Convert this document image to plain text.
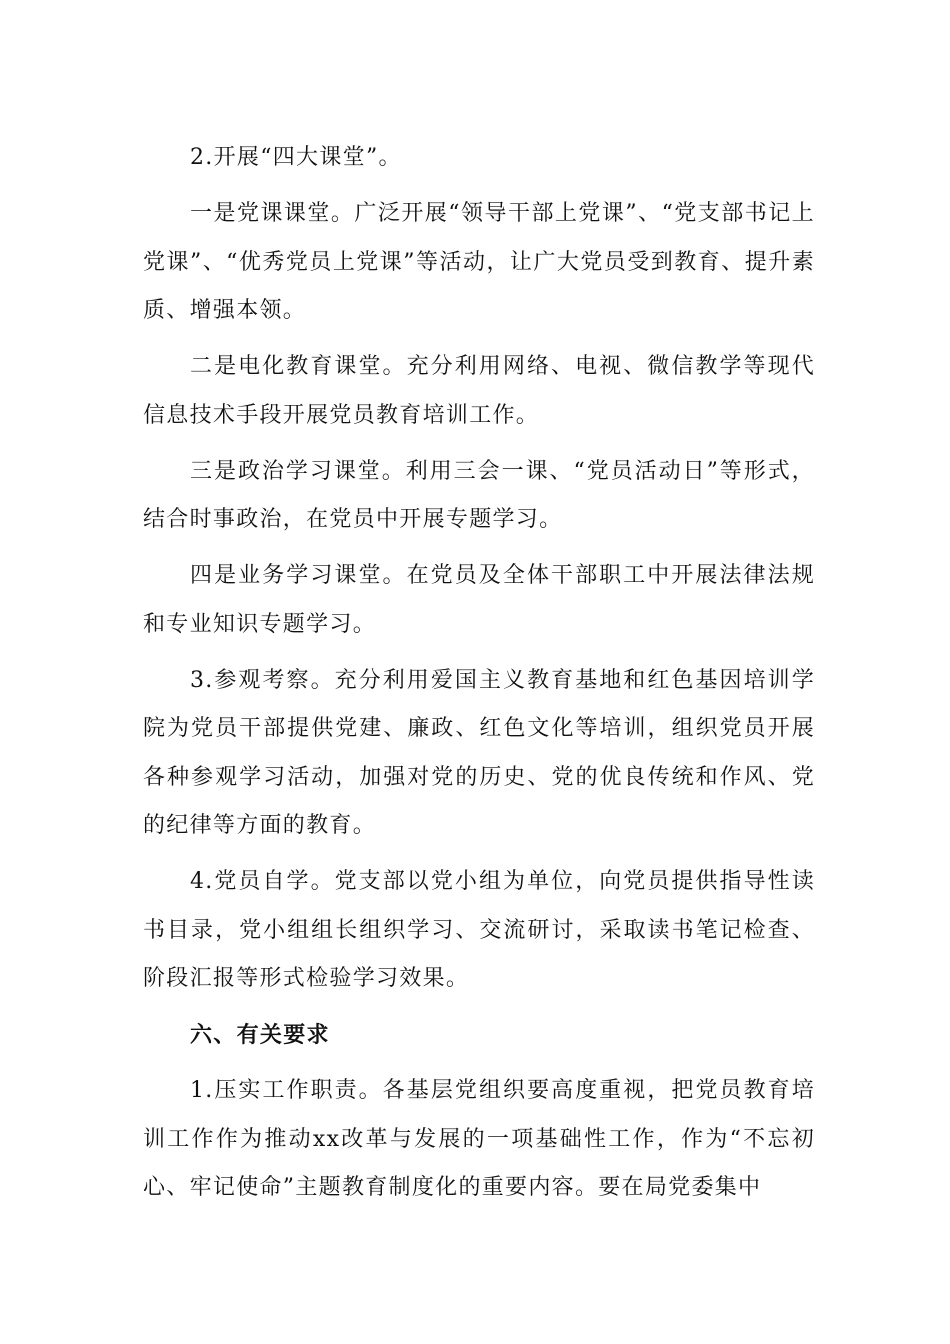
2.开展“四大课堂”。

一是党课课堂。广泛开展“领导干部上党课”、“党支部书记上党课”、“优秀党员上党课”等活动，让广大党员受到教育、提升素质、增强本领。

二是电化教育课堂。充分利用网络、电视、微信教学等现代信息技术手段开展党员教育培训工作。

三是政治学习课堂。利用三会一课、“党员活动日”等形式，结合时事政治，在党员中开展专题学习。

四是业务学习课堂。在党员及全体干部职工中开展法律法规和专业知识专题学习。

3.参观考察。充分利用爱国主义教育基地和红色基因培训学院为党员干部提供党建、廉政、红色文化等培训，组织党员开展各种参观学习活动，加强对党的历史、党的优良传统和作风、党的纪律等方面的教育。

4.党员自学。党支部以党小组为单位，向党员提供指导性读书目录，党小组组长组织学习、交流研讨，采取读书笔记检查、阶段汇报等形式检验学习效果。

六、有关要求

1.压实工作职责。各基层党组织要高度重视，把党员教育培训工作作为推动xx改革与发展的一项基础性工作，作为“不忘初心、牢记使命”主题教育制度化的重要内容。要在局党委集中
